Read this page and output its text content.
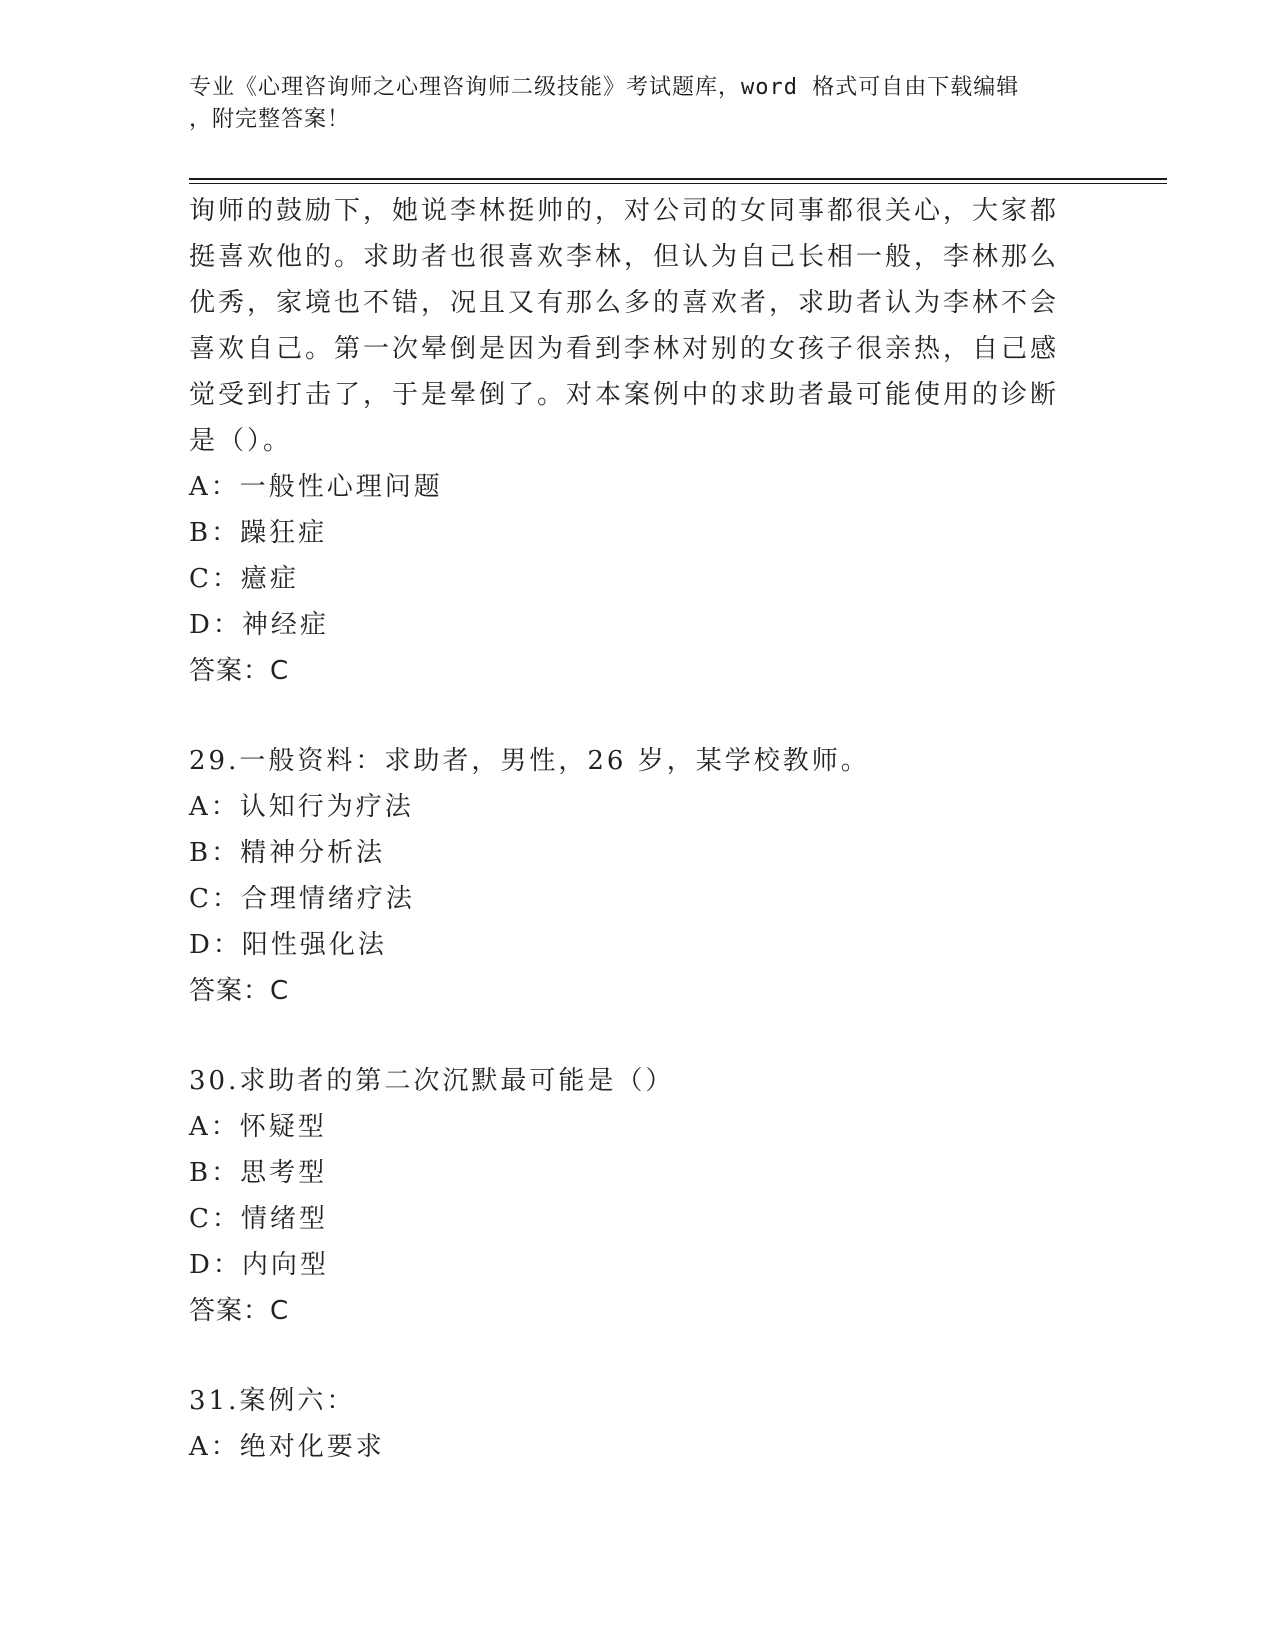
专业《心理咨询师之心理咨询师二级技能》考试题库，word 格式可自由下载编辑
，附完整答案！
询师的鼓励下，她说李林挺帅的，对公司的女同事都很关心，大家都
挺喜欢他的。求助者也很喜欢李林，但认为自己长相一般，李林那么
优秀，家境也不错，况且又有那么多的喜欢者，求助者认为李林不会
喜欢自己。第一次晕倒是因为看到李林对别的女孩子很亲热，自己感
觉受到打击了，于是晕倒了。对本案例中的求助者最可能使用的诊断
是（）。
A：一般性心理问题
B：躁狂症
C：癔症
D：神经症
答案：C
29.一般资料：求助者，男性，26 岁，某学校教师。
A：认知行为疗法
B：精神分析法
C：合理情绪疗法
D：阳性强化法
答案：C
30.求助者的第二次沉默最可能是（）
A：怀疑型
B：思考型
C：情绪型
D：内向型
答案：C
31.案例六：
A：绝对化要求
